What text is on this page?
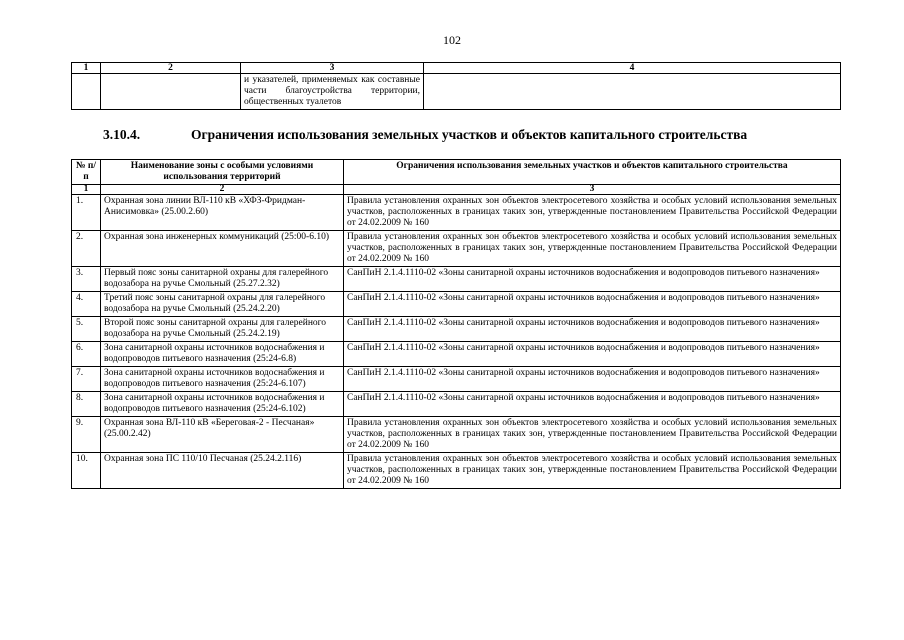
102
1	2	3	4
		и указателей, применяемых как составные части благоустройства территории, общественных туалетов	
3.10.4.	Ограничения использования земельных участков и объектов капитального строительства
№ п/п	Наименование зоны с особыми условиями использования территорий	Ограничения использования земельных участков и объектов капитального строительства
1	2	3
1.	Охранная зона линии ВЛ-110 кВ «ХФЗ-Фридман-Анисимовка» (25.00.2.60)	Правила установления охранных зон объектов электросетевого хозяйства и особых условий использования земельных участков, расположенных в границах таких зон, утвержденные постановлением Правительства Российской Федерации от 24.02.2009 № 160
2.	Охранная зона инженерных коммуникаций (25:00-6.10)	Правила установления охранных зон объектов электросетевого хозяйства и особых условий использования земельных участков, расположенных в границах таких зон, утвержденные постановлением Правительства Российской Федерации от 24.02.2009 № 160
3.	Первый пояс зоны санитарной охраны для галерейного водозабора на ручье Смольный (25.27.2.32)	СанПиН 2.1.4.1110-02 «Зоны санитарной охраны источников водоснабжения и водопроводов питьевого назначения»
4.	Третий пояс зоны санитарной охраны для галерейного водозабора на ручье Смольный (25.24.2.20)	СанПиН 2.1.4.1110-02 «Зоны санитарной охраны источников водоснабжения и водопроводов питьевого назначения»
5.	Второй пояс зоны санитарной охраны для галерейного водозабора на ручье Смольный (25.24.2.19)	СанПиН 2.1.4.1110-02 «Зоны санитарной охраны источников водоснабжения и водопроводов питьевого назначения»
6.	Зона санитарной охраны источников водоснабжения и водопроводов питьевого назначения (25:24-6.8)	СанПиН 2.1.4.1110-02 «Зоны санитарной охраны источников водоснабжения и водопроводов питьевого назначения»
7.	Зона санитарной охраны источников водоснабжения и водопроводов питьевого назначения (25:24-6.107)	СанПиН 2.1.4.1110-02 «Зоны санитарной охраны источников водоснабжения и водопроводов питьевого назначения»
8.	Зона санитарной охраны источников водоснабжения и водопроводов питьевого назначения (25:24-6.102)	СанПиН 2.1.4.1110-02 «Зоны санитарной охраны источников водоснабжения и водопроводов питьевого назначения»
9.	Охранная зона ВЛ-110 кВ «Береговая-2 - Песчаная» (25.00.2.42)	Правила установления охранных зон объектов электросетевого хозяйства и особых условий использования земельных участков, расположенных в границах таких зон, утвержденные постановлением Правительства Российской Федерации от 24.02.2009 № 160
10.	Охранная зона ПС 110/10 Песчаная (25.24.2.116)	Правила установления охранных зон объектов электросетевого хозяйства и особых условий использования земельных участков, расположенных в границах таких зон, утвержденные постановлением Правительства Российской Федерации от 24.02.2009 № 160
